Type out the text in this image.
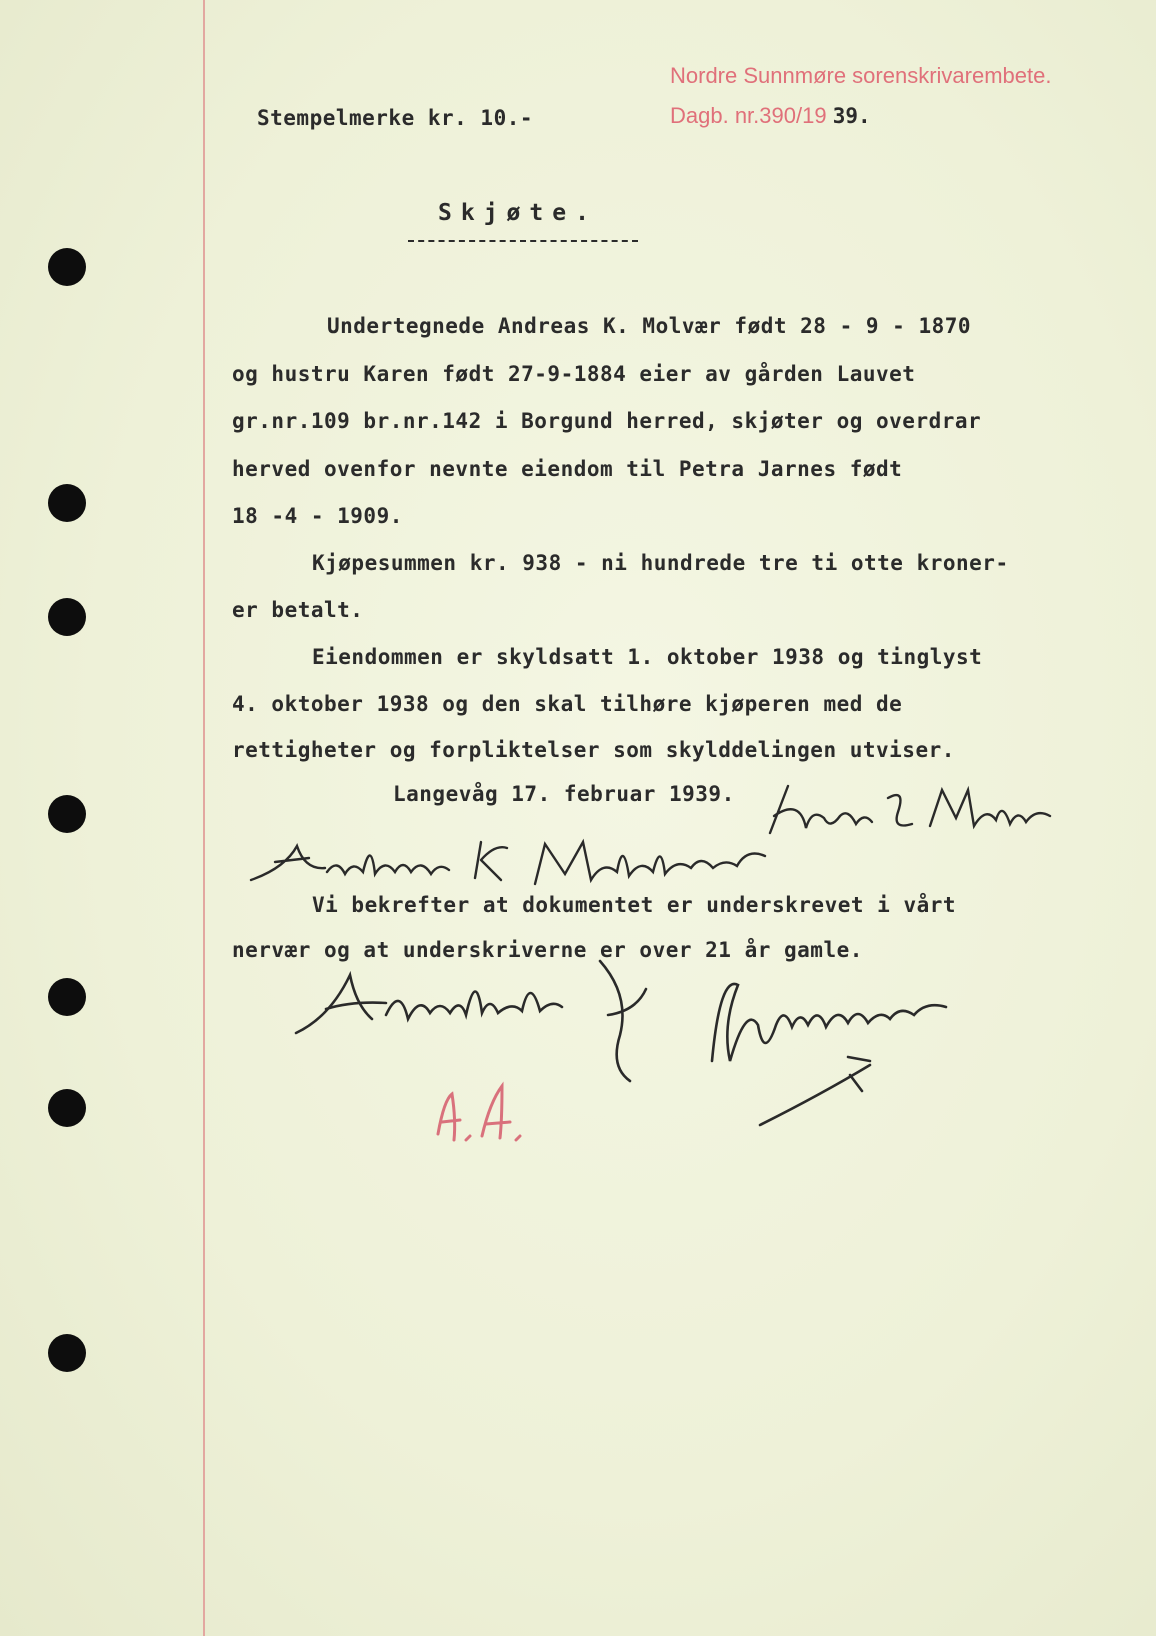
Nordre Sunnmøre sorenskrivarembete.
Dagb. nr.390/19 39.
Stempelmerke kr. 10.-
Skjøte.
Undertegnede Andreas K. Molvær født 28 - 9 - 1870
og hustru Karen født 27-9-1884 eier av gården Lauvet
gr.nr.109 br.nr.142 i Borgund herred, skjøter og overdrar
herved ovenfor nevnte eiendom til Petra Jarnes født
18 -4 - 1909.
Kjøpesummen kr. 938 - ni hundrede tre ti otte kroner-
er betalt.
Eiendommen er skyldsatt 1. oktober 1938 og tinglyst
4. oktober 1938 og den skal tilhøre kjøperen med de
rettigheter og forpliktelser som skylddelingen utviser.
Langevåg 17. februar 1939.
Vi bekrefter at dokumentet er underskrevet i vårt
nervær og at underskriverne er over 21 år gamle.
